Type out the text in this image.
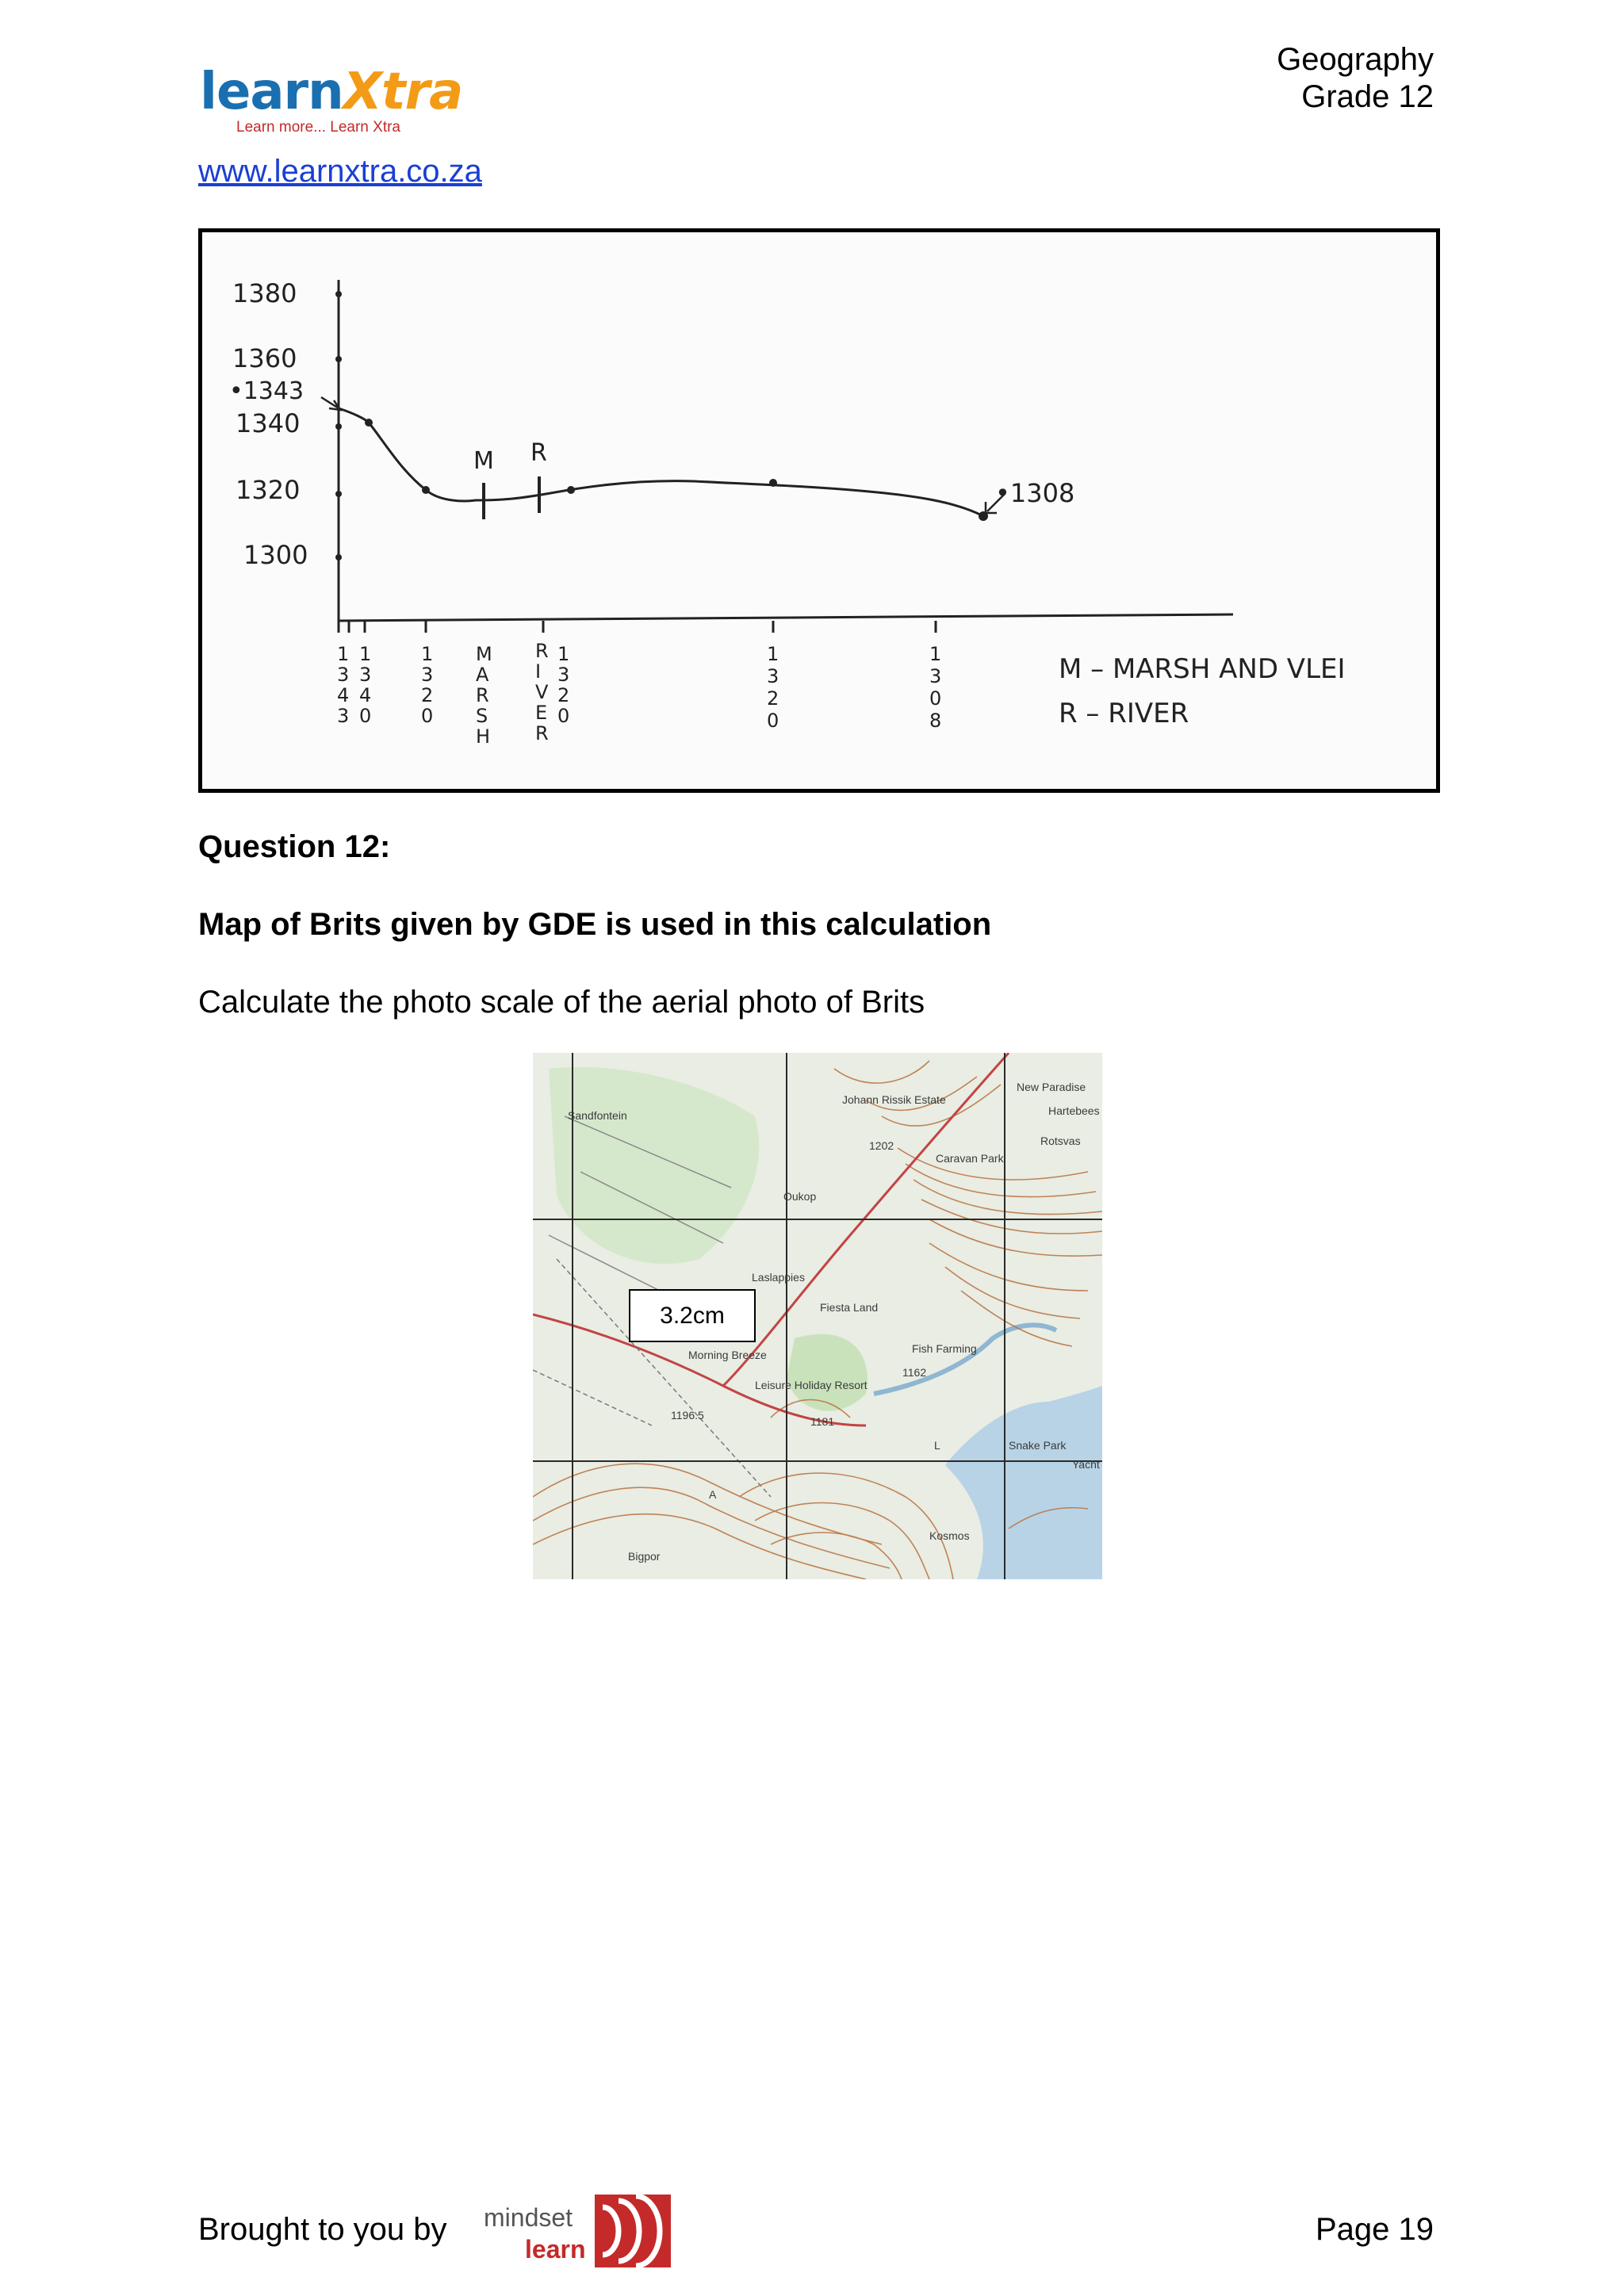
learnXtra
Learn more... Learn Xtra
Geography
Grade 12
www.learnxtra.co.za
1380
1360
•1343
1340
1320
1300
M R
•1308
1 3 4 3
1 3 4 0
1 3 2 0
M A R S H
R I V E R
1 3 2 0
1 3 2 0
1 3 0 8
M – MARSH AND VLEI
R – RIVER
Question 12:
Map of Brits given by GDE is used in this calculation
Calculate the photo scale of the aerial photo of Brits
Sandfontein
Johann Rissik Estate
New Paradise
Hartebees
Rotsvas
Caravan Park
Oukop
Laslappies
Fiesta Land
Morning Breeze
Leisure Holiday Resort
Fish Farming
Snake Park
Yacht
Kosmos
A
L
Bigpor
1202
1196.5
1162
1181
3.2cm
Brought to you by mindset
learn
Page 19
